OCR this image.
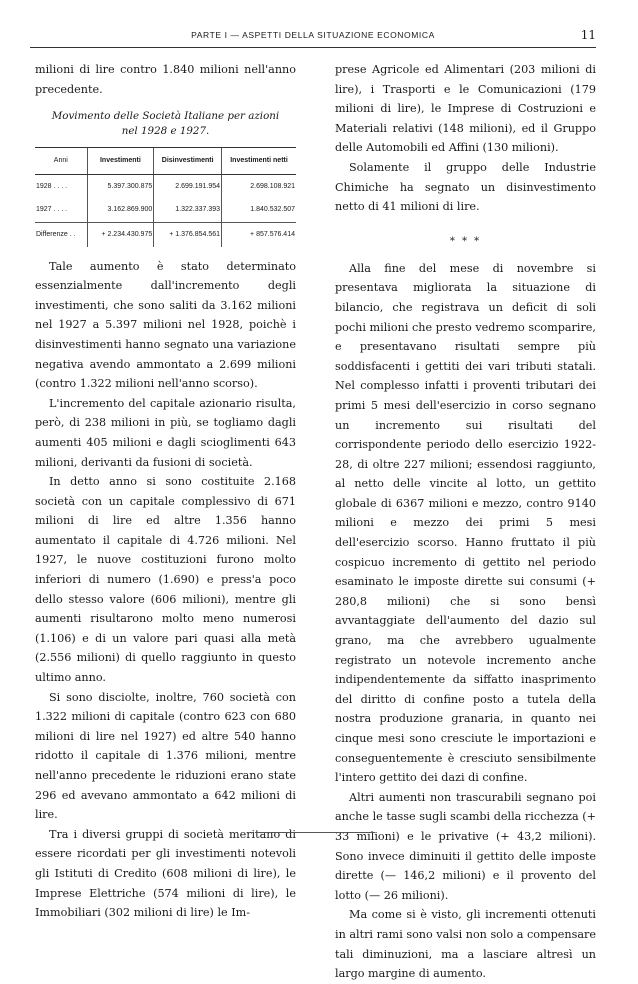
PARTE I — ASPETTI DELLA SITUAZIONE ECONOMICA	11

milioni di lire contro 1.840 milioni nell'anno precedente.

Movimento delle Società Italiane per azioni
nel 1928 e 1927.
Anni	Investimenti	Disinvestimenti	Investimenti netti
1928 . . . .	5.397.300.875	2.699.191.954	2.698.108.921
1927 . . . .	3.162.869.900	1.322.337.393	1.840.532.507
Differenze . .	+ 2.234.430.975	+ 1.376.854.561	+ 857.576.414

Tale aumento è stato determinato essenzialmente dall'incremento degli investimenti, che sono saliti da 3.162 milioni nel 1927 a 5.397 milioni nel 1928, poichè i disinvestimenti hanno segnato una variazione negativa avendo ammontato a 2.699 milioni (contro 1.322 milioni nell'anno scorso).

L'incremento del capitale azionario risulta, però, di 238 milioni in più, se togliamo dagli aumenti 405 milioni e dagli scioglimenti 643 milioni, derivanti da fusioni di società.

In detto anno si sono costituite 2.168 società con un capitale complessivo di 671 milioni di lire ed altre 1.356 hanno aumentato il capitale di 4.726 milioni. Nel 1927, le nuove costituzioni furono molto inferiori di numero (1.690) e press'a poco dello stesso valore (606 milioni), mentre gli aumenti risultarono molto meno numerosi (1.106) e di un valore pari quasi alla metà (2.556 milioni) di quello raggiunto in questo ultimo anno.

Si sono disciolte, inoltre, 760 società con 1.322 milioni di capitale (contro 623 con 680 milioni di lire nel 1927) ed altre 540 hanno ridotto il capitale di 1.376 milioni, mentre nell'anno precedente le riduzioni erano state 296 ed avevano ammontato a 642 milioni di lire.

Tra i diversi gruppi di società meritano di essere ricordati per gli investimenti notevoli gli Istituti di Credito (608 milioni di lire), le Imprese Elettriche (574 milioni di lire), le Immobiliari (302 milioni di lire) le Im-

prese Agricole ed Alimentari (203 milioni di lire), i Trasporti e le Comunicazioni (179 milioni di lire), le Imprese di Costruzioni e Materiali relativi (148 milioni), ed il Gruppo delle Automobili ed Affini (130 milioni).

Solamente il gruppo delle Industrie Chimiche ha segnato un disinvestimento netto di 41 milioni di lire.

* * *

Alla fine del mese di novembre si presentava migliorata la situazione di bilancio, che registrava un deficit di soli pochi milioni che presto vedremo scomparire, e presentavano risultati sempre più soddisfacenti i gettiti dei vari tributi statali. Nel complesso infatti i proventi tributari dei primi 5 mesi dell'esercizio in corso segnano un incremento sui risultati del corrispondente periodo dello esercizio 1922-28, di oltre 227 milioni; essendosi raggiunto, al netto delle vincite al lotto, un gettito globale di 6367 milioni e mezzo, contro 9140 milioni e mezzo dei primi 5 mesi dell'esercizio scorso. Hanno fruttato il più cospicuo incremento di gettito nel periodo esaminato le imposte dirette sui consumi (+ 280,8 milioni) che si sono bensì avvantaggiate dell'aumento del dazio sul grano, ma che avrebbero ugualmente registrato un notevole incremento anche indipendentemente da siffatto inasprimento del diritto di confine posto a tutela della nostra produzione granaria, in quanto nei cinque mesi sono cresciute le importazioni e conseguentemente è cresciuto sensibilmente l'intero gettito dei dazi di confine.

Altri aumenti non trascurabili segnano poi anche le tasse sugli scambi della ricchezza (+ 33 milioni) e le privative (+ 43,2 milioni). Sono invece diminuiti il gettito delle imposte dirette (— 146,2 milioni) e il provento del lotto (— 26 milioni).

Ma come si è visto, gli incrementi ottenuti in altri rami sono valsi non solo a compensare tali diminuzioni, ma a lasciare altresì un largo margine di aumento.
